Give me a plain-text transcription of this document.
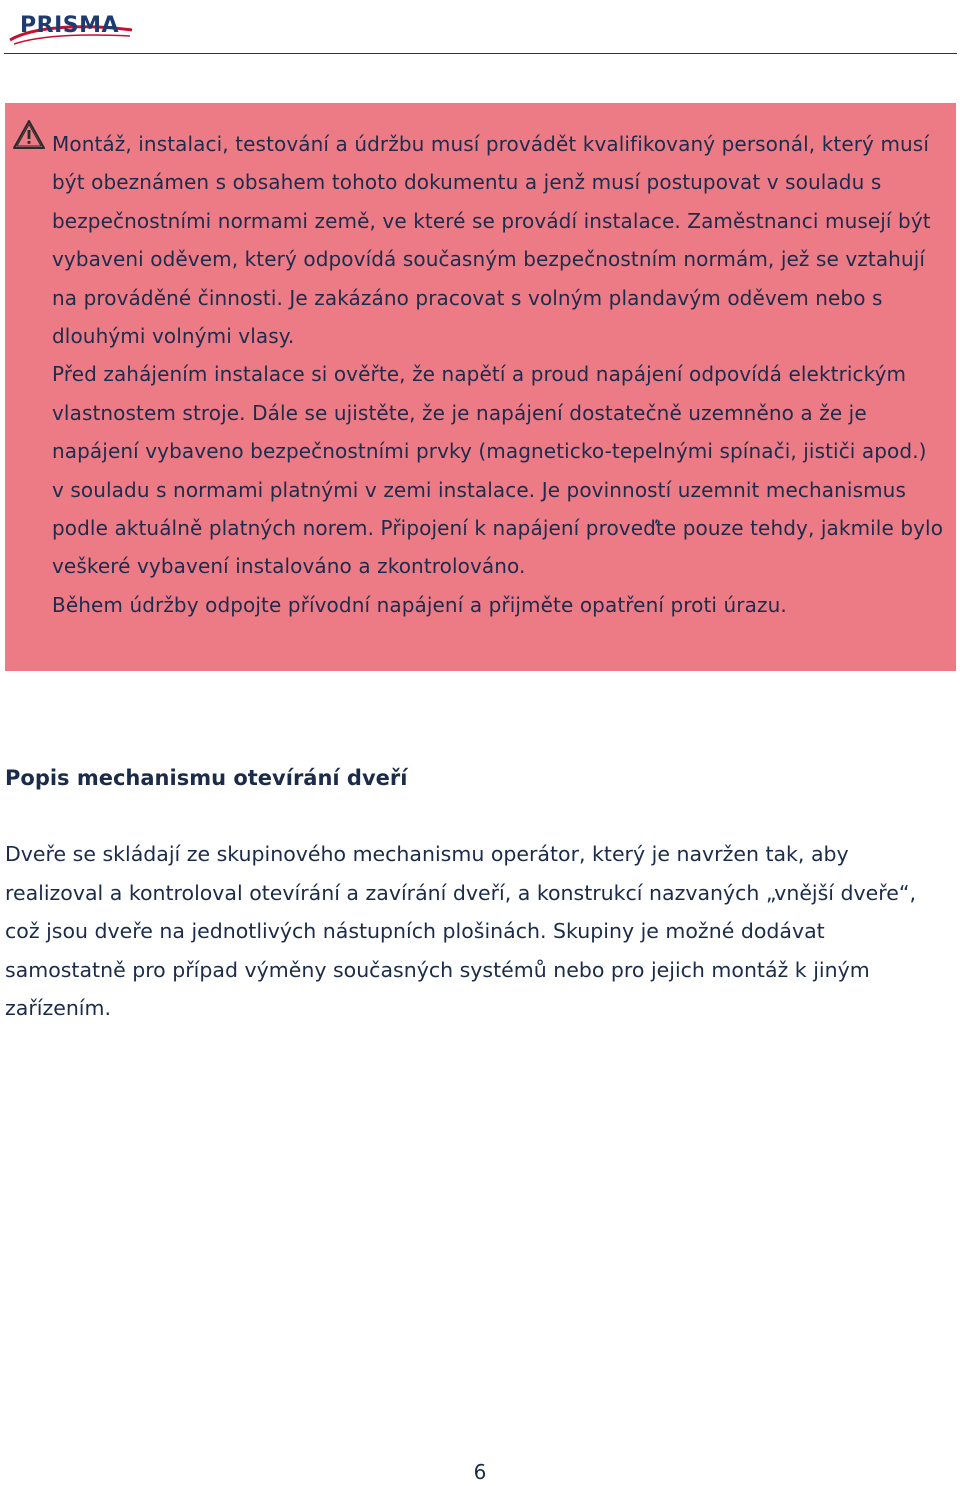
PRISMA

Montáž, instalaci, testování a údržbu musí provádět kvalifikovaný personál, který musí být obeznámen s obsahem tohoto dokumentu a jenž musí postupovat v souladu s bezpečnostními normami země, ve které se provádí instalace. Zaměstnanci musejí být vybaveni oděvem, který odpovídá současným bezpečnostním normám, jež se vztahují na prováděné činnosti. Je zakázáno pracovat s volným plandavým oděvem nebo s dlouhými volnými vlasy.

Před zahájením instalace si ověřte, že napětí a proud napájení odpovídá elektrickým vlastnostem stroje. Dále se ujistěte, že je napájení dostatečně uzemněno a že je napájení vybaveno bezpečnostními prvky (magneticko-tepelnými spínači, jističi apod.) v souladu s normami platnými v zemi instalace. Je povinností uzemnit mechanismus podle aktuálně platných norem. Připojení k napájení proveďte pouze tehdy, jakmile bylo veškeré vybavení instalováno a zkontrolováno.

Během údržby odpojte přívodní napájení a přijměte opatření proti úrazu.

Popis mechanismu otevírání dveří

Dveře se skládají ze skupinového mechanismu operátor, který je navržen tak, aby realizoval a kontroloval otevírání a zavírání dveří, a konstrukcí nazvaných „vnější dveře“, což jsou dveře na jednotlivých nástupních plošinách. Skupiny je možné dodávat samostatně pro případ výměny současných systémů nebo pro jejich montáž k jiným zařízením.

6
